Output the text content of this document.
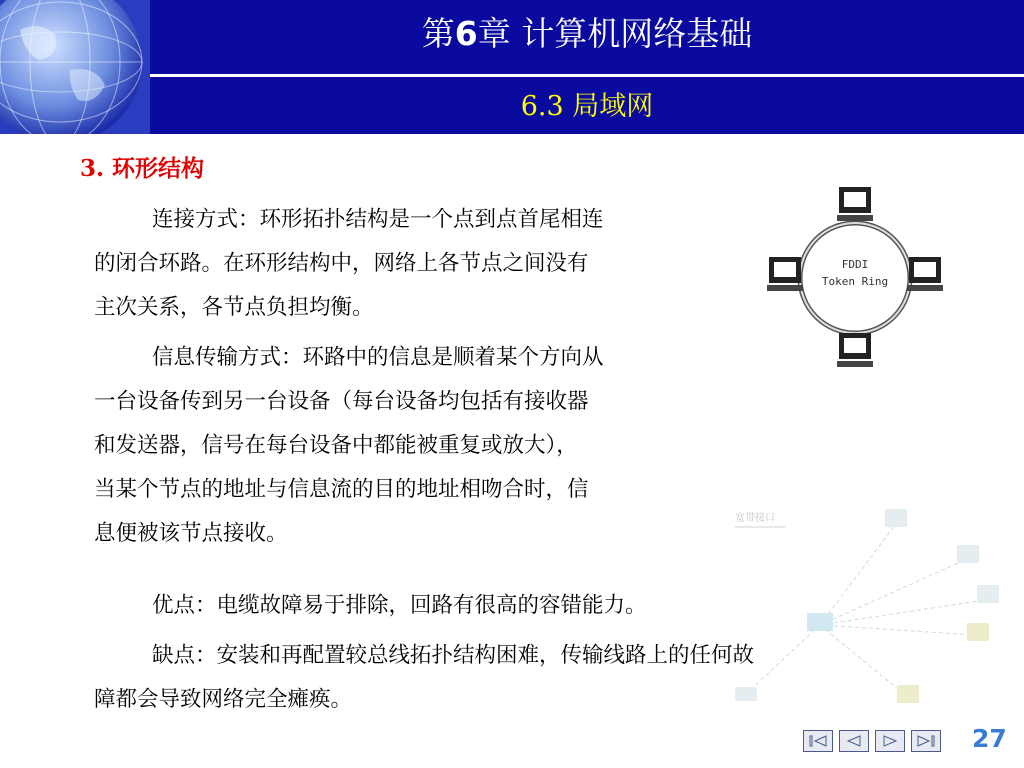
第6章 计算机网络基础
6.3 局域网
3. 环形结构
连接方式：环形拓扑结构是一个点到点首尾相连
的闭合环路。在环形结构中，网络上各节点之间没有
主次关系，各节点负担均衡。
信息传输方式：环路中的信息是顺着某个方向从
一台设备传到另一台设备（每台设备均包括有接收器
和发送器，信号在每台设备中都能被重复或放大），
当某个节点的地址与信息流的目的地址相吻合时，信
息便被该节点接收。
优点：电缆故障易于排除，回路有很高的容错能力。
缺点：安装和再配置较总线拓扑结构困难，传输线路上的任何故
障都会导致网络完全瘫痪。
FDDI
Token Ring
宽带接口
27
